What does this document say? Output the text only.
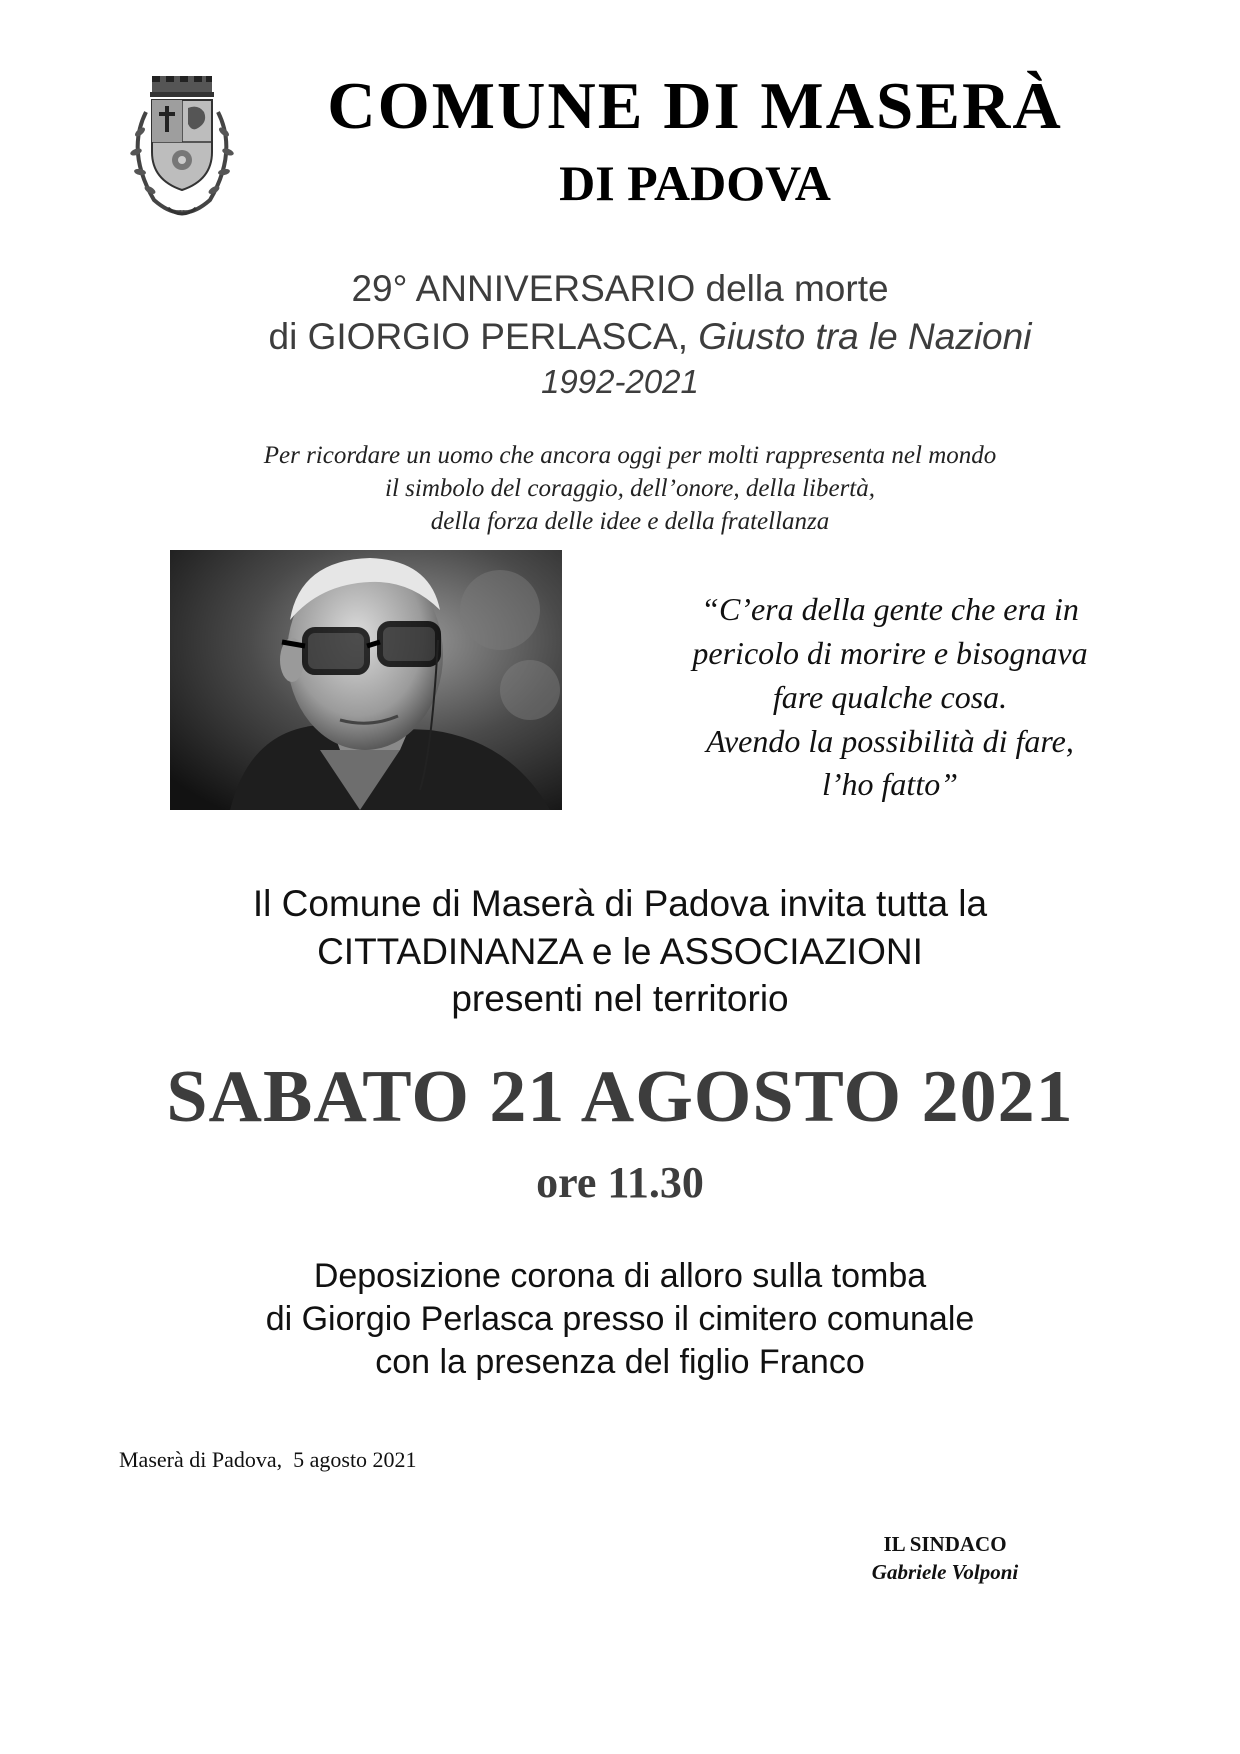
COMUNE DI MASERÀ
DI PADOVA
29° ANNIVERSARIO della morte
di GIORGIO PERLASCA, Giusto tra le Nazioni
1992-2021
Per ricordare un uomo che ancora oggi per molti rappresenta nel mondo
il simbolo del coraggio, dell’onore, della libertà,
della forza delle idee e della fratellanza
“C’era della gente che era in
pericolo di morire e bisognava
fare qualche cosa.
Avendo la possibilità di fare,
l’ho fatto”
Il Comune di Maserà di Padova invita tutta la
CITTADINANZA e le ASSOCIAZIONI
presenti nel territorio
SABATO 21 AGOSTO 2021
ore 11.30
Deposizione corona di alloro sulla tomba
di Giorgio Perlasca presso il cimitero comunale
con la presenza del figlio Franco
Maserà di Padova,  5 agosto 2021
IL SINDACO
Gabriele Volponi
